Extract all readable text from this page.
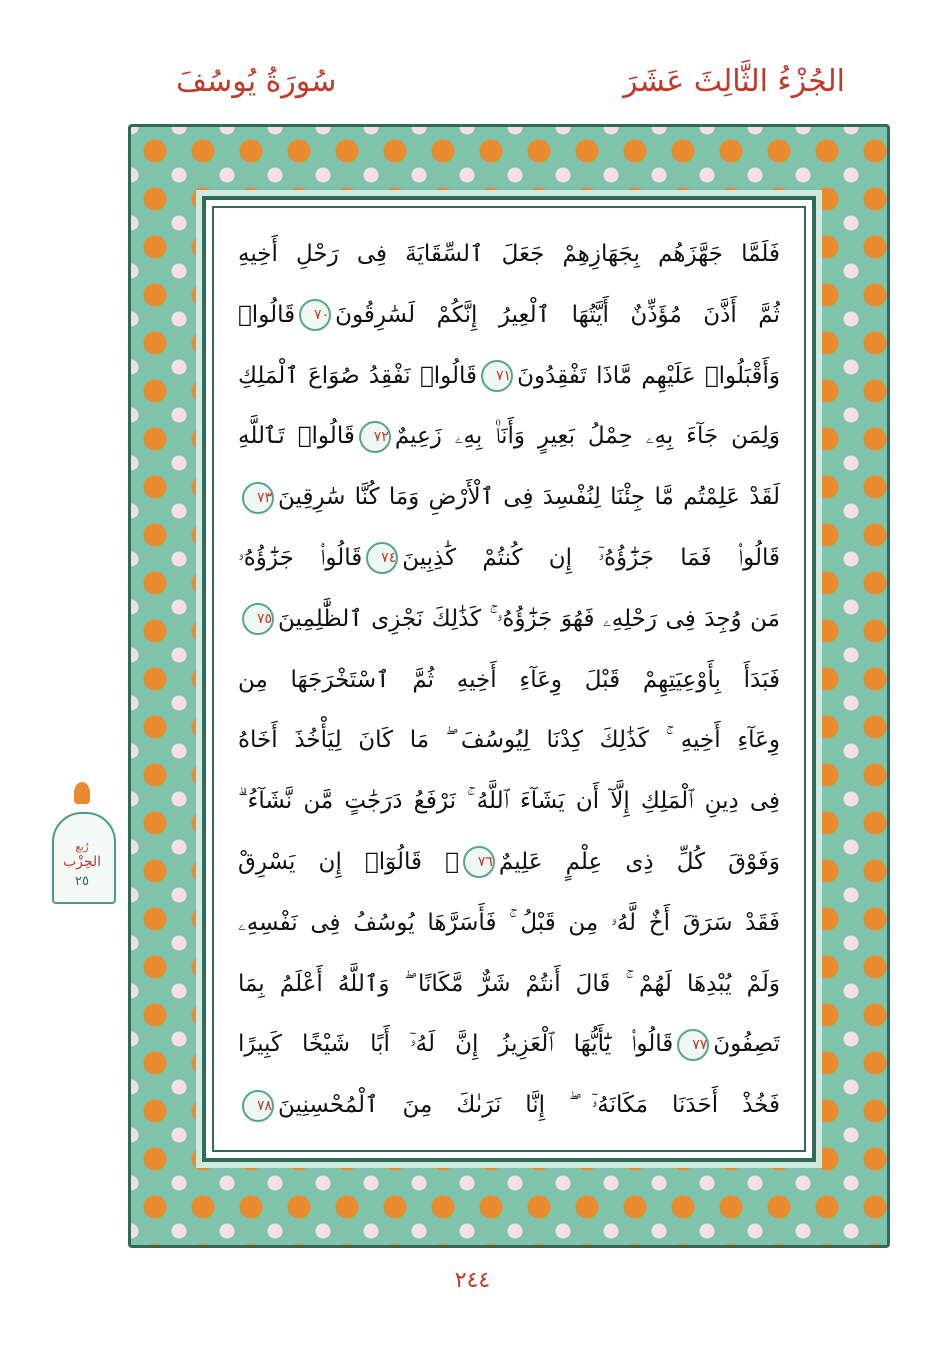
سُورَةُ يُوسُفَ	الجُزْءُ الثَّالِثَ عَشَرَ
فَلَمَّا جَهَّزَهُم بِجَهَازِهِمْ جَعَلَ ٱلسِّقَايَةَ فِى رَحْلِ أَخِيهِ
ثُمَّ أَذَّنَ مُؤَذِّنٌ أَيَّتُهَا ٱلْعِيرُ إِنَّكُمْ لَسَٰرِقُونَ٧٠قَالُوا۟
وَأَقْبَلُوا۟ عَلَيْهِم مَّاذَا تَفْقِدُونَ٧١قَالُوا۟ نَفْقِدُ صُوَاعَ ٱلْمَلِكِ
وَلِمَن جَآءَ بِهِۦ حِمْلُ بَعِيرٍ وَأَنَا۠ بِهِۦ زَعِيمٌ٧٢قَالُوا۟ تَٱللَّهِ
لَقَدْ عَلِمْتُم مَّا جِئْنَا لِنُفْسِدَ فِى ٱلْأَرْضِ وَمَا كُنَّا سَٰرِقِينَ٧٣
قَالُوا۟ فَمَا جَزَٰٓؤُهُۥٓ إِن كُنتُمْ كَٰذِبِينَ٧٤قَالُوا۟ جَزَٰٓؤُهُۥ
مَن وُجِدَ فِى رَحْلِهِۦ فَهُوَ جَزَٰٓؤُهُۥ ۚ كَذَٰلِكَ نَجْزِى ٱلظَّٰلِمِينَ٧٥
فَبَدَأَ بِأَوْعِيَتِهِمْ قَبْلَ وِعَآءِ أَخِيهِ ثُمَّ ٱسْتَخْرَجَهَا مِن
وِعَآءِ أَخِيهِ ۚ كَذَٰلِكَ كِدْنَا لِيُوسُفَ ۖ مَا كَانَ لِيَأْخُذَ أَخَاهُ
فِى دِينِ ٱلْمَلِكِ إِلَّآ أَن يَشَآءَ ٱللَّهُ ۚ نَرْفَعُ دَرَجَٰتٍ مَّن نَّشَآءُ ۗ
وَفَوْقَ كُلِّ ذِى عِلْمٍ عَلِيمٌ٧٦۞ قَالُوٓا۟ إِن يَسْرِقْ
فَقَدْ سَرَقَ أَخٌ لَّهُۥ مِن قَبْلُ ۚ فَأَسَرَّهَا يُوسُفُ فِى نَفْسِهِۦ
وَلَمْ يُبْدِهَا لَهُمْ ۚ قَالَ أَنتُمْ شَرٌّ مَّكَانًا ۖ وَٱللَّهُ أَعْلَمُ بِمَا
تَصِفُونَ٧٧قَالُوا۟ يَٰٓأَيُّهَا ٱلْعَزِيزُ إِنَّ لَهُۥٓ أَبًا شَيْخًا كَبِيرًا
فَخُذْ أَحَدَنَا مَكَانَهُۥٓ ۖ إِنَّا نَرَىٰكَ مِنَ ٱلْمُحْسِنِينَ٧٨
رُبع
الحِزْب
٢٥
٢٤٤
